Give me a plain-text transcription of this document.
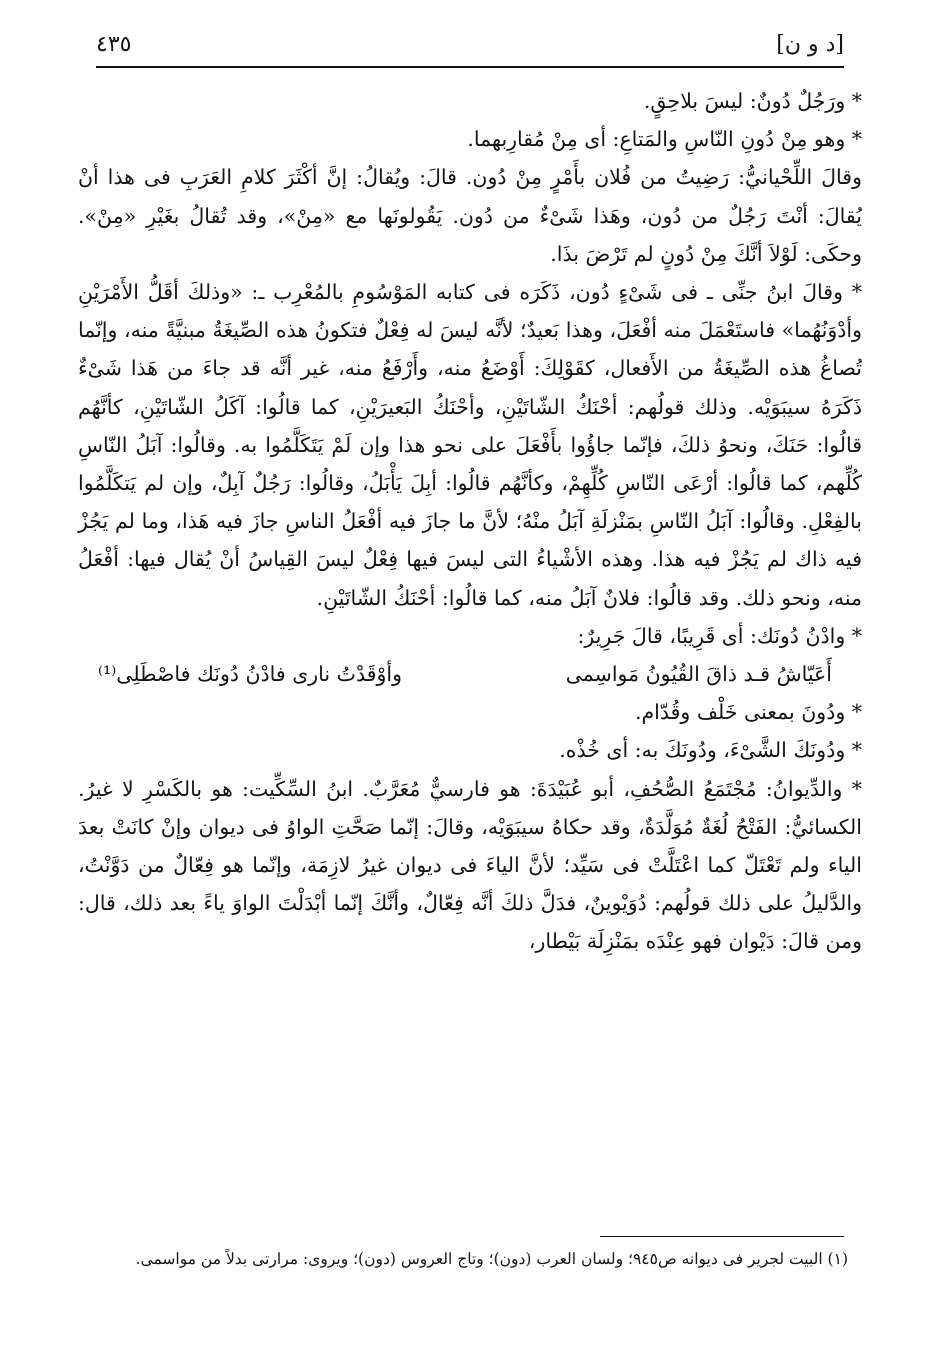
[د و ن]
٤٣٥

* ورَجُلٌ دُونٌ: ليسَ بلاحِقٍ.

* وهو مِنْ دُونِ النّاسِ والمَتاعِ: أى مِنْ مُقارِبهما.

وقالَ اللِّحْيانيُّ: رَضِيتُ من فُلان بأَمْرٍ مِنْ دُون. قالَ: ويُقالُ: إنَّ أكْثَرَ كلامِ العَرَبِ فى هذا أنْ يُقالَ: أنْتَ رَجُلٌ من دُون، وهَذا شَىْءٌ من دُون. يَقُولونَها مع «مِنْ»، وقد تُقالُ بغَيْرِ «مِنْ». وحكَى: لَوْلاَ أنَّكَ مِنْ دُونٍ لم تَرْضَ بذَا.

* وقالَ ابنُ جنِّى ـ فى شَىْءٍ دُون، ذَكَرَه فى كتابه المَوْسُومِ بالمُعْرِب ـ: «وذلكَ أقَلُّ الأَمْرَيْنِ وأدْوَنُهُما» فاستَعْمَلَ منه أفْعَلَ، وهذا بَعيدٌ؛ لأنَّه ليسَ له فِعْلٌ فتكونُ هذه الصِّيغَةُ مبنيَّةً منه، وإنّما تُصاغُ هذه الصِّيغَةُ من الأَفعال، كقَوْلِكَ: أَوْضَعُ منه، وأَرْفَعُ منه، غير أنَّه قد جاءَ من هَذا شَىْءٌ ذَكَرَهُ سيبَوَيْه. وذلك قولُهم: أحْنَكُ الشّاتَيْنِ، وأحْنَكُ البَعيرَيْنِ، كما قالُوا: آكَلُ الشّاتَيْنِ، كأنَّهُم قالُوا: حَنَكَ، ونحوُ ذلكَ، فإنّما جاؤُوا بأَفْعَلَ على نحو هذا وإن لَمْ يَتَكَلَّمُوا به. وقالُوا: آبَلُ النّاسِ كُلِّهم، كما قالُوا: أرْعَى النّاسِ كُلِّهِمْ، وكأنَّهُم قالُوا: أبِلَ يَأْبَلُ، وقالُوا: رَجُلٌ آبِلٌ، وإن لم يَتكَلَّمُوا بالفِعْلِ. وقالُوا: آبَلُ النّاسِ بمَنْزلَةِ آبَلُ منْهُ؛ لأنَّ ما جازَ فيه أفْعَلُ الناسِ جازَ فيه هَذا، وما لم يَجُزْ فيه ذاك لم يَجُزْ فيه هذا. وهذه الأشْياءُ التى ليسَ فيها فِعْلٌ ليسَ القِياسُ أنْ يُقال فيها: أفْعَلُ منه، ونحو ذلك. وقد قالُوا: فلانٌ آبَلُ منه، كما قالُوا: أحْنَكُ الشّاتَيْنِ.

* وادْنُ دُونَك: أى قَرِيبًا، قالَ جَرِيرٌ:

أَعَيّاشُ قـد ذاقَ القُيُونُ مَواسِمى
وأوْقَدْتُ نارى فادْنُ دُونَك فاصْطَلِى⁽¹⁾

* ودُونَ بمعنى خَلْف وقُدّام.

* ودُونَكَ الشَّىْءَ، ودُونَكَ به: أى خُذْه.

* والدِّيوانُ: مُجْتَمَعُ الصُّحُفِ، أبو عُبَيْدَةَ: هو فارسيٌّ مُعَرَّبٌ. ابنُ السِّكِّيت: هو بالكَسْرِ لا غيرُ. الكسائيُّ: الفَتْحُ لُغَةٌ مُوَلَّدَةٌ، وقد حكاهُ سيبَوَيْه، وقالَ: إنّما صَحَّتِ الواوُ فى ديوان وإنْ كانَتْ بعدَ الياء ولم تَعْتَلّ كما اعْتَلَّتْ فى سَيِّد؛ لأنَّ الياءَ فى ديوان غيرُ لازِمَة، وإنّما هو فِعّالٌ من دَوَّنْتُ، والدَّليلُ على ذلك قولُهم: دُوَيْوينٌ، فدَلَّ ذلكَ أنَّه فِعّالٌ، وأنَّكَ إنّما أبْدَلْتَ الواوَ ياءً بعد ذلك، قال: ومن قالَ: دَيْوان فهو عِنْدَه بمَنْزِلَة بَيْطار،

(١) البيت لجرير فى ديوانه ص٩٤٥؛ ولسان العرب (دون)؛ وتاج العروس (دون)؛ ويروى: مرارتى بدلاً من مواسمى.
